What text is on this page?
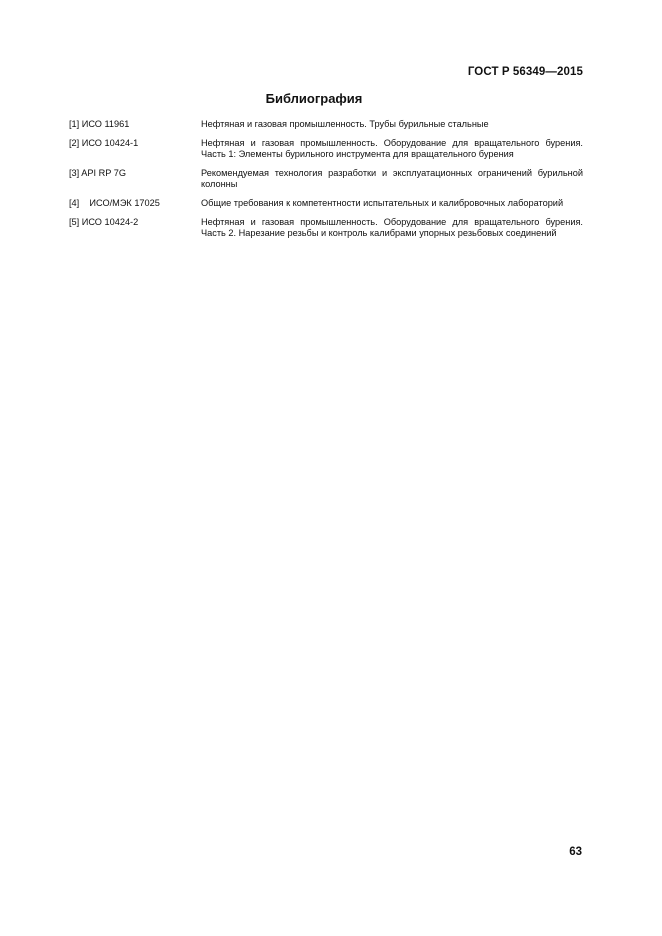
ГОСТ Р 56349—2015
Библиография
[1] ИСО 11961	Нефтяная и газовая промышленность. Трубы бурильные стальные
[2] ИСО 10424-1	Нефтяная и газовая промышленность. Оборудование для вращательного бурения. Часть 1: Элементы бурильного инструмента для вращательного бурения
[3] API RP 7G	Рекомендуемая технология разработки и эксплуатационных ограничений бурильной колонны
[4]    ИСО/МЭК 17025	Общие требования к компетентности испытательных и калибровочных лабораторий
[5] ИСО 10424-2	Нефтяная и газовая промышленность. Оборудование для вращательного бурения. Часть 2. Нарезание резьбы и контроль калибрами упорных резьбовых соединений
63
